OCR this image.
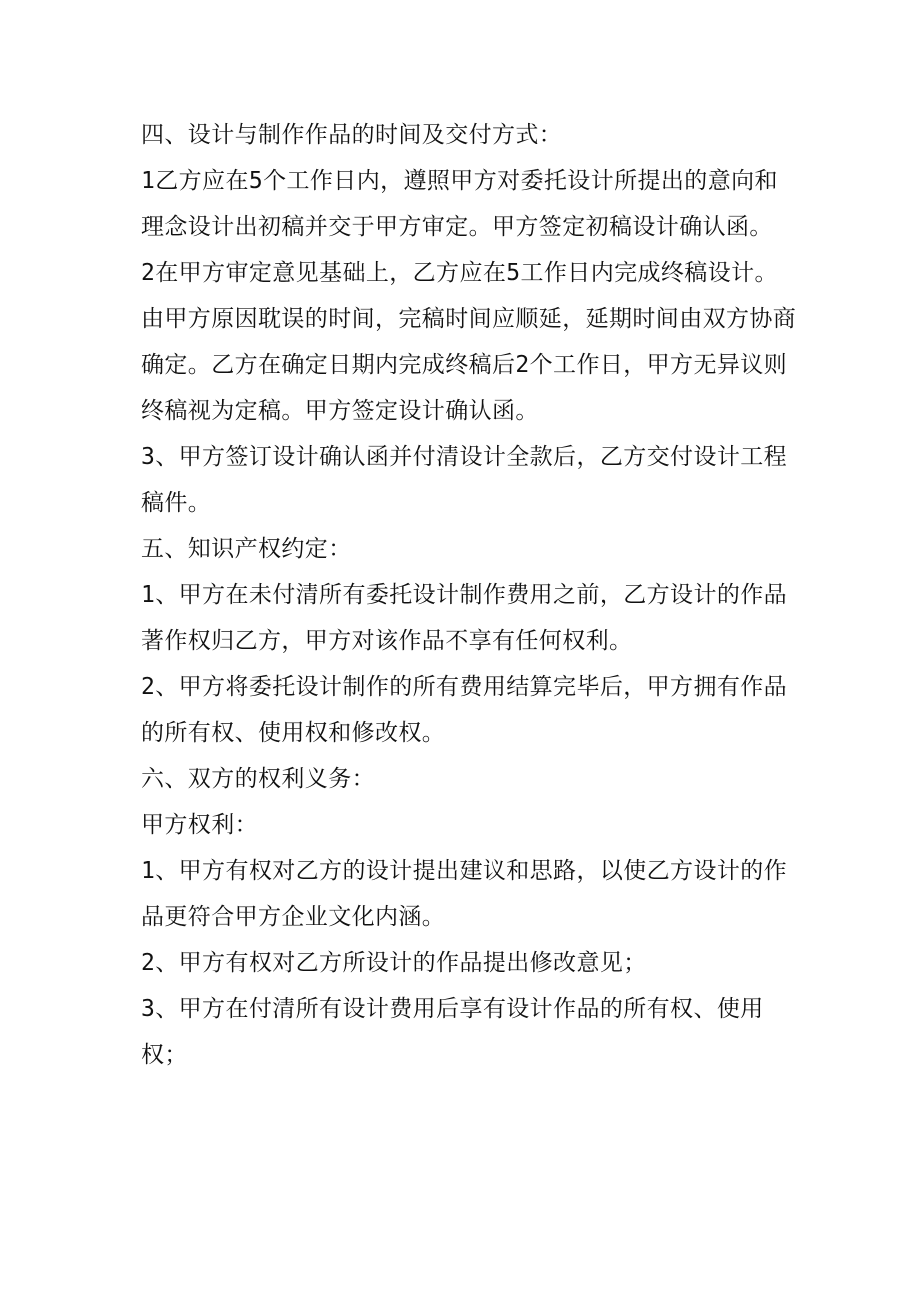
四、设计与制作作品的时间及交付方式：

1乙方应在5个工作日内，遵照甲方对委托设计所提出的意向和理念设计出初稿并交于甲方审定。甲方签定初稿设计确认函。

2在甲方审定意见基础上，乙方应在5工作日内完成终稿设计。由甲方原因耽误的时间，完稿时间应顺延，延期时间由双方协商确定。乙方在确定日期内完成终稿后2个工作日，甲方无异议则终稿视为定稿。甲方签定设计确认函。

3、甲方签订设计确认函并付清设计全款后，乙方交付设计工程稿件。

五、知识产权约定：

1、甲方在未付清所有委托设计制作费用之前，乙方设计的作品著作权归乙方，甲方对该作品不享有任何权利。

2、甲方将委托设计制作的所有费用结算完毕后，甲方拥有作品的所有权、使用权和修改权。

六、双方的权利义务：

甲方权利：

1、甲方有权对乙方的设计提出建议和思路，以使乙方设计的作品更符合甲方企业文化内涵。

2、甲方有权对乙方所设计的作品提出修改意见；

3、甲方在付清所有设计费用后享有设计作品的所有权、使用权；
